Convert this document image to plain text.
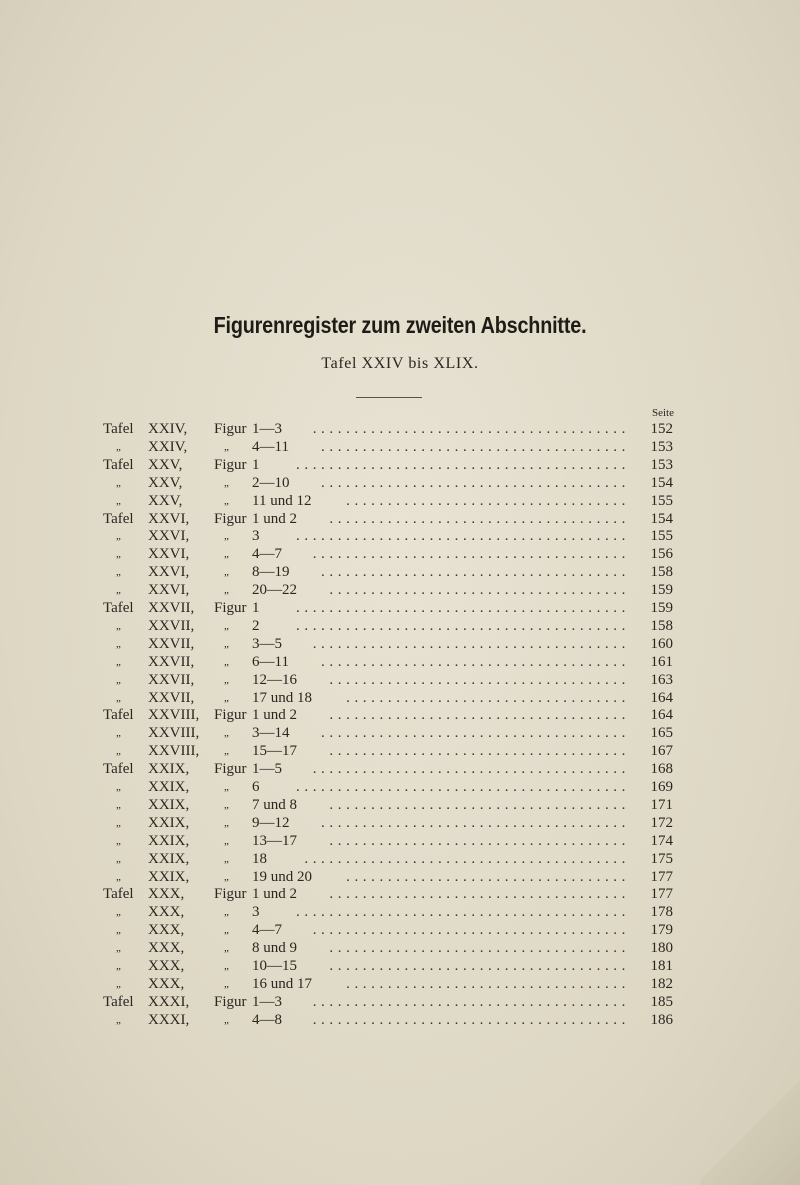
Figurenregister zum zweiten Abschnitte.
Tafel XXIV bis XLIX.
Seite
Tafel XXIV, Figur 1—3	152
......................................
„	XXIV,	„ 4—11	153
.....................................
Tafel XXV, Figur 1	153
........................................
„	XXV,	„ 2—10	154
.....................................
„	XXV,	„ 11 und 12	155
..................................
Tafel XXVI, Figur 1 und 2	154
....................................
„	XXVI,	„ 3	155
........................................
„	XXVI,	„ 4—7	156
......................................
„	XXVI,	„ 8—19	158
.....................................
„	XXVI,	„ 20—22	159
....................................
Tafel XXVII, Figur 1	159
........................................
„	XXVII,	„ 2	158
........................................
„	XXVII,	„ 3—5	160
......................................
„	XXVII,	„ 6—11	161
.....................................
„	XXVII,	„ 12—16	163
....................................
„	XXVII,	„ 17 und 18	164
..................................
Tafel XXVIII, Figur 1 und 2	164
....................................
„	XXVIII, „ 3—14	165
.....................................
„	XXVIII, „ 15—17	167
....................................
Tafel XXIX, Figur 1—5	168
......................................
„	XXIX,	„ 6	169
........................................
„	XXIX,	„ 7 und 8	171
....................................
„	XXIX,	„ 9—12	172
.....................................
„	XXIX,	„ 13—17	174
....................................
„	XXIX,	„ 18	175
.......................................
„	XXIX,	„ 19 und 20	177
..................................
Tafel XXX, Figur 1 und 2	177
....................................
„	XXX,	„ 3	178
........................................
„	XXX,	„ 4—7	179
......................................
„	XXX,	„ 8 und 9	180
....................................
„	XXX,	„ 10—15	181
....................................
„	XXX,	„ 16 und 17	182
..................................
Tafel XXXI, Figur 1—3	185
......................................
„	XXXI,	„ 4—8	186
......................................
